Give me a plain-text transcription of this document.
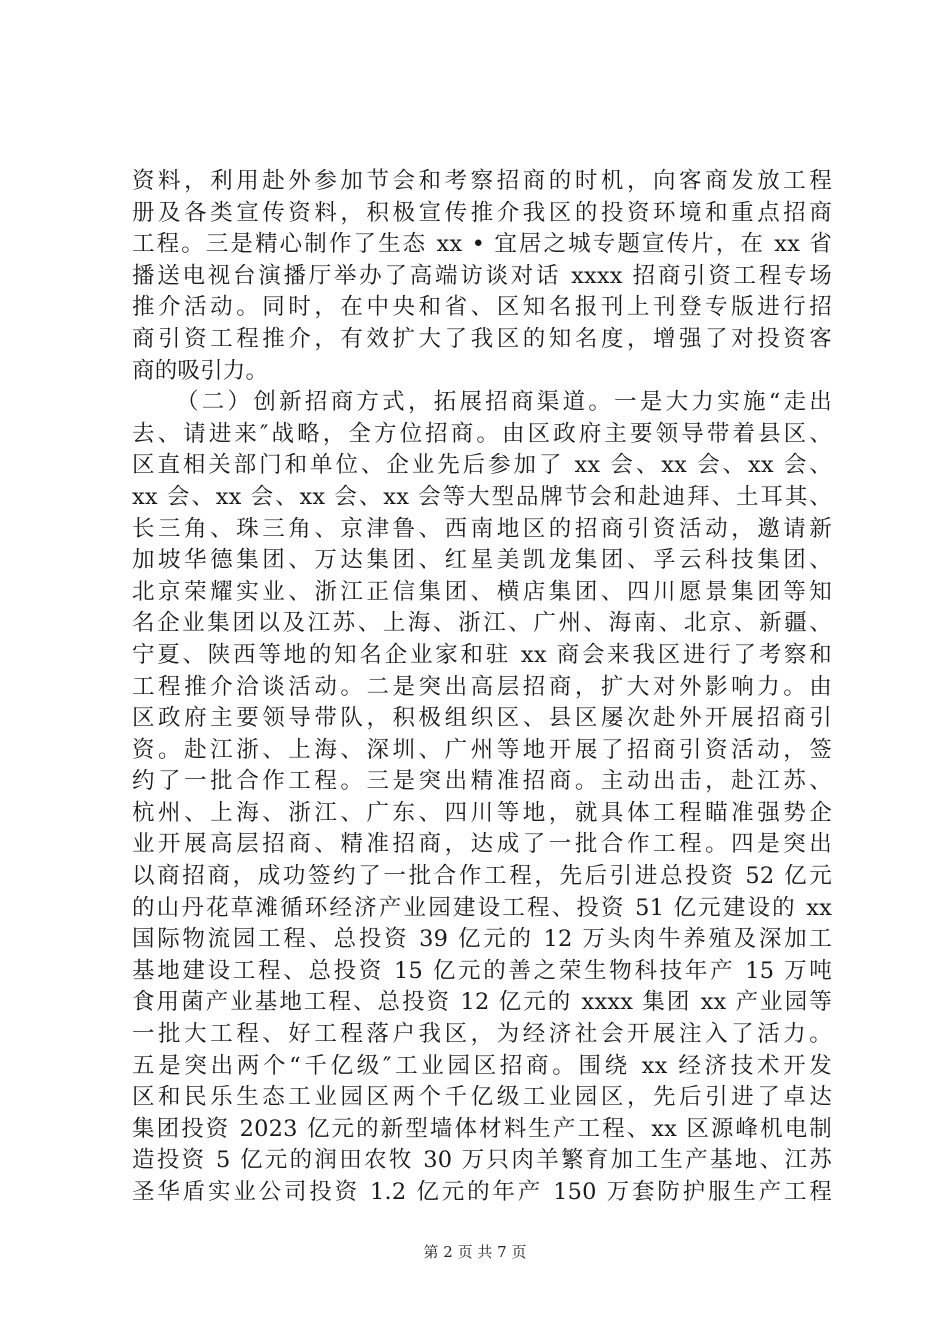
资料，利用赴外参加节会和考察招商的时机，向客商发放工程
册及各类宣传资料，积极宣传推介我区的投资环境和重点招商
工程。三是精心制作了生态 xx • 宜居之城专题宣传片，在 xx 省
播送电视台演播厅举办了高端访谈对话 xxxx 招商引资工程专场
推介活动。同时，在中央和省、区知名报刊上刊登专版进行招
商引资工程推介，有效扩大了我区的知名度，增强了对投资客
商的吸引力。
（二）创新招商方式，拓展招商渠道。一是大力实施“走出
去、请进来″战略，全方位招商。由区政府主要领导带着县区、
区直相关部门和单位、企业先后参加了 xx 会、xx 会、xx 会、
xx 会、xx 会、xx 会、xx 会等大型品牌节会和赴迪拜、土耳其、
长三角、珠三角、京津鲁、西南地区的招商引资活动，邀请新
加坡华德集团、万达集团、红星美凯龙集团、孚云科技集团、
北京荣耀实业、浙江正信集团、横店集团、四川愿景集团等知
名企业集团以及江苏、上海、浙江、广州、海南、北京、新疆、
宁夏、陕西等地的知名企业家和驻 xx 商会来我区进行了考察和
工程推介洽谈活动。二是突出高层招商，扩大对外影响力。由
区政府主要领导带队，积极组织区、县区屡次赴外开展招商引
资。赴江浙、上海、深圳、广州等地开展了招商引资活动，签
约了一批合作工程。三是突出精准招商。主动出击，赴江苏、
杭州、上海、浙江、广东、四川等地，就具体工程瞄准强势企
业开展高层招商、精准招商，达成了一批合作工程。四是突出
以商招商，成功签约了一批合作工程，先后引进总投资 52 亿元
的山丹花草滩循环经济产业园建设工程、投资 51 亿元建设的 xx
国际物流园工程、总投资 39 亿元的 12 万头肉牛养殖及深加工
基地建设工程、总投资 15 亿元的善之荣生物科技年产 15 万吨
食用菌产业基地工程、总投资 12 亿元的 xxxx 集团 xx 产业园等
一批大工程、好工程落户我区，为经济社会开展注入了活力。
五是突出两个“千亿级″工业园区招商。围绕 xx 经济技术开发
区和民乐生态工业园区两个千亿级工业园区，先后引进了卓达
集团投资 2023 亿元的新型墙体材料生产工程、xx 区源峰机电制
造投资 5 亿元的润田农牧 30 万只肉羊繁育加工生产基地、江苏
圣华盾实业公司投资 1.2 亿元的年产 150 万套防护服生产工程
第 2 页 共 7 页
